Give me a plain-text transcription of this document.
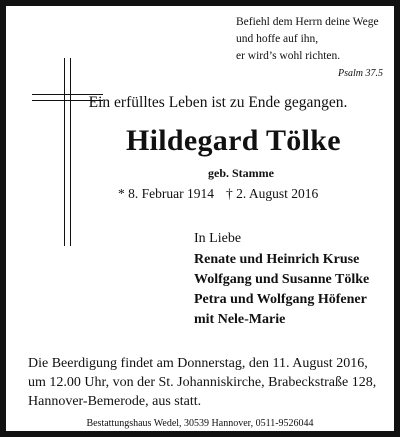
Befiehl dem Herrn deine Wege
und hoffe auf ihn,
er wird’s wohl richten.
Psalm 37.5
Ein erfülltes Leben ist zu Ende gegangen.
Hildegard Tölke
geb. Stamme
* 8. Februar 1914 † 2. August 2016
In Liebe
Renate und Heinrich Kruse
Wolfgang und Susanne Tölke
Petra und Wolfgang Höfener
mit Nele-Marie
Die Beerdigung findet am Donnerstag, den 11. August 2016,
um 12.00 Uhr, von der St. Johanniskirche, Brabeckstraße 128,
Hannover-Bemerode, aus statt.
Bestattungshaus Wedel, 30539 Hannover, 0511-9526044
